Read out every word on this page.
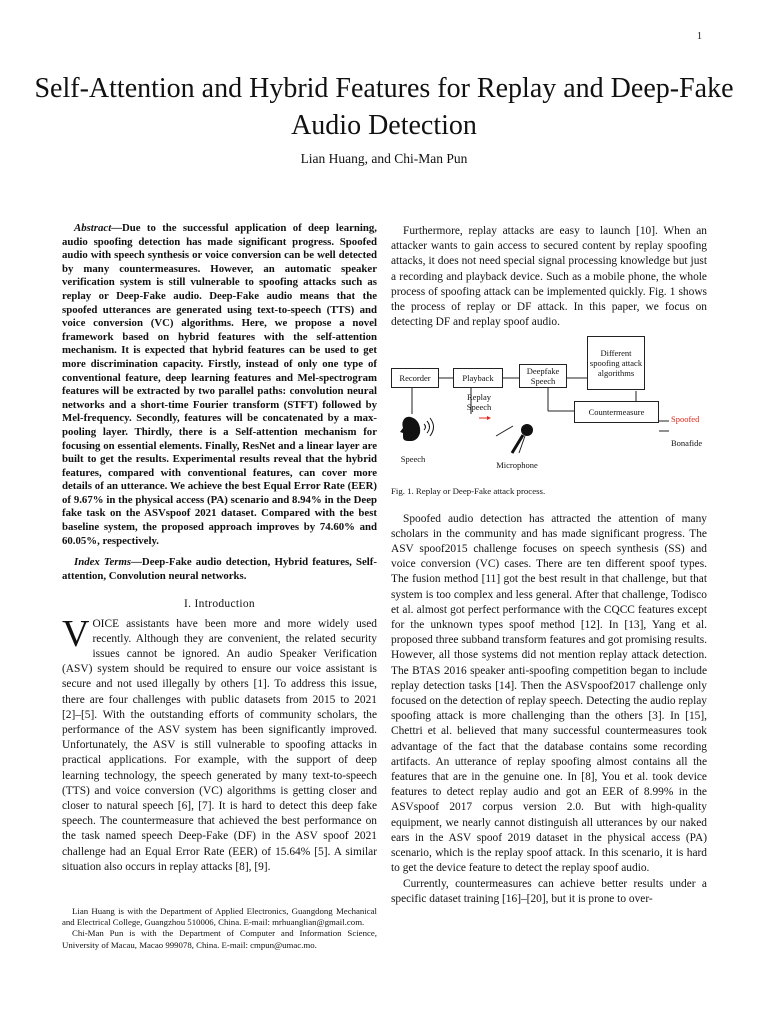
1
Self-Attention and Hybrid Features for Replay and Deep-Fake Audio Detection
Lian Huang, and Chi-Man Pun

Abstract—Due to the successful application of deep learning, audio spoofing detection has made significant progress. Spoofed audio with speech synthesis or voice conversion can be well detected by many countermeasures. However, an automatic speaker verification system is still vulnerable to spoofing attacks such as replay or Deep-Fake audio. Deep-Fake audio means that the spoofed utterances are generated using text-to-speech (TTS) and voice conversion (VC) algorithms. Here, we propose a novel framework based on hybrid features with the self-attention mechanism. It is expected that hybrid features can be used to get more discrimination capacity. Firstly, instead of only one type of conventional feature, deep learning features and Mel-spectrogram features will be extracted by two parallel paths: convolution neural networks and a short-time Fourier transform (STFT) followed by Mel-frequency. Secondly, features will be concatenated by a max-pooling layer. Thirdly, there is a Self-attention mechanism for focusing on essential elements. Finally, ResNet and a linear layer are built to get the results. Experimental results reveal that the hybrid features, compared with conventional features, can cover more details of an utterance. We achieve the best Equal Error Rate (EER) of 9.67% in the physical access (PA) scenario and 8.94% in the Deep fake task on the ASVspoof 2021 dataset. Compared with the best baseline system, the proposed approach improves by 74.60% and 60.05%, respectively.

Index Terms—Deep-Fake audio detection, Hybrid features, Self-attention, Convolution neural networks.

I. Introduction

VOICE assistants have been more and more widely used recently. Although they are convenient, the related security issues cannot be ignored. An audio Speaker Verification (ASV) system should be required to ensure our voice assistant is secure and not used illegally by others [1]. To address this issue, there are four challenges with public datasets from 2015 to 2021 [2]–[5]. With the outstanding efforts of community scholars, the performance of the ASV system has been significantly improved. Unfortunately, the ASV is still vulnerable to spoofing attacks in practical applications. For example, with the support of deep learning technology, the speech generated by many text-to-speech (TTS) and voice conversion (VC) algorithms is getting closer and closer to natural speech [6], [7]. It is hard to detect this deep fake speech. The countermeasure that achieved the best performance on the task named speech Deep-Fake (DF) in the ASV spoof 2021 challenge had an Equal Error Rate (EER) of 15.64% [5]. A similar situation also occurs in replay attacks [8], [9].

Lian Huang is with the Department of Applied Electronics, Guangdong Mechanical and Electrical College, Guangzhou 510006, China. E-mail: mrhuanglian@gmail.com.

Chi-Man Pun is with the Department of Computer and Information Science, University of Macau, Macao 999078, China. E-mail: cmpun@umac.mo.

Furthermore, replay attacks are easy to launch [10]. When an attacker wants to gain access to secured content by replay spoofing attacks, it does not need special signal processing knowledge but just a recording and playback device. Such as a mobile phone, the whole process of spoofing attack can be implemented quickly. Fig. 1 shows the process of replay or DF attack. In this paper, we focus on detecting DF and replay spoof audio.

Recorder	Playback
Deepfake Speech
Different spoofing attack algorithms
Countermeasure
Replay Speech
Spoofed
Bonafide
Speech
Microphone
Fig. 1. Replay or Deep-Fake attack process.

Spoofed audio detection has attracted the attention of many scholars in the community and has made significant progress. The ASV spoof2015 challenge focuses on speech synthesis (SS) and voice conversion (VC) cases. There are ten different spoof types. The fusion method [11] got the best result in that challenge, but that system is too complex and less general. After that challenge, Todisco et al. almost got perfect performance with the CQCC features except for the unknown types spoof method [12]. In [13], Yang et al. proposed three subband transform features and got promising results. However, all those systems did not mention replay attack detection. The BTAS 2016 speaker anti-spoofing competition began to include replay detection tasks [14]. Then the ASVspoof2017 challenge only focused on the detection of replay speech. Detecting the audio replay spoofing attack is more challenging than the others [3]. In [15], Chettri et al. believed that many successful countermeasures took advantage of the fact that the database contains some recording artifacts. An utterance of replay spoofing almost contains all the features that are in the genuine one. In [8], You et al. took device features to detect replay audio and got an EER of 8.99% in the ASVspoof 2017 corpus version 2.0. But with high-quality equipment, we nearly cannot distinguish all utterances by our naked ears in the ASV spoof 2019 dataset in the physical access (PA) scenario, which is the replay spoof attack. In this scenario, it is hard to get the device feature to detect the replay spoof audio.

Currently, countermeasures can achieve better results under a specific dataset training [16]–[20], but it is prone to over-
